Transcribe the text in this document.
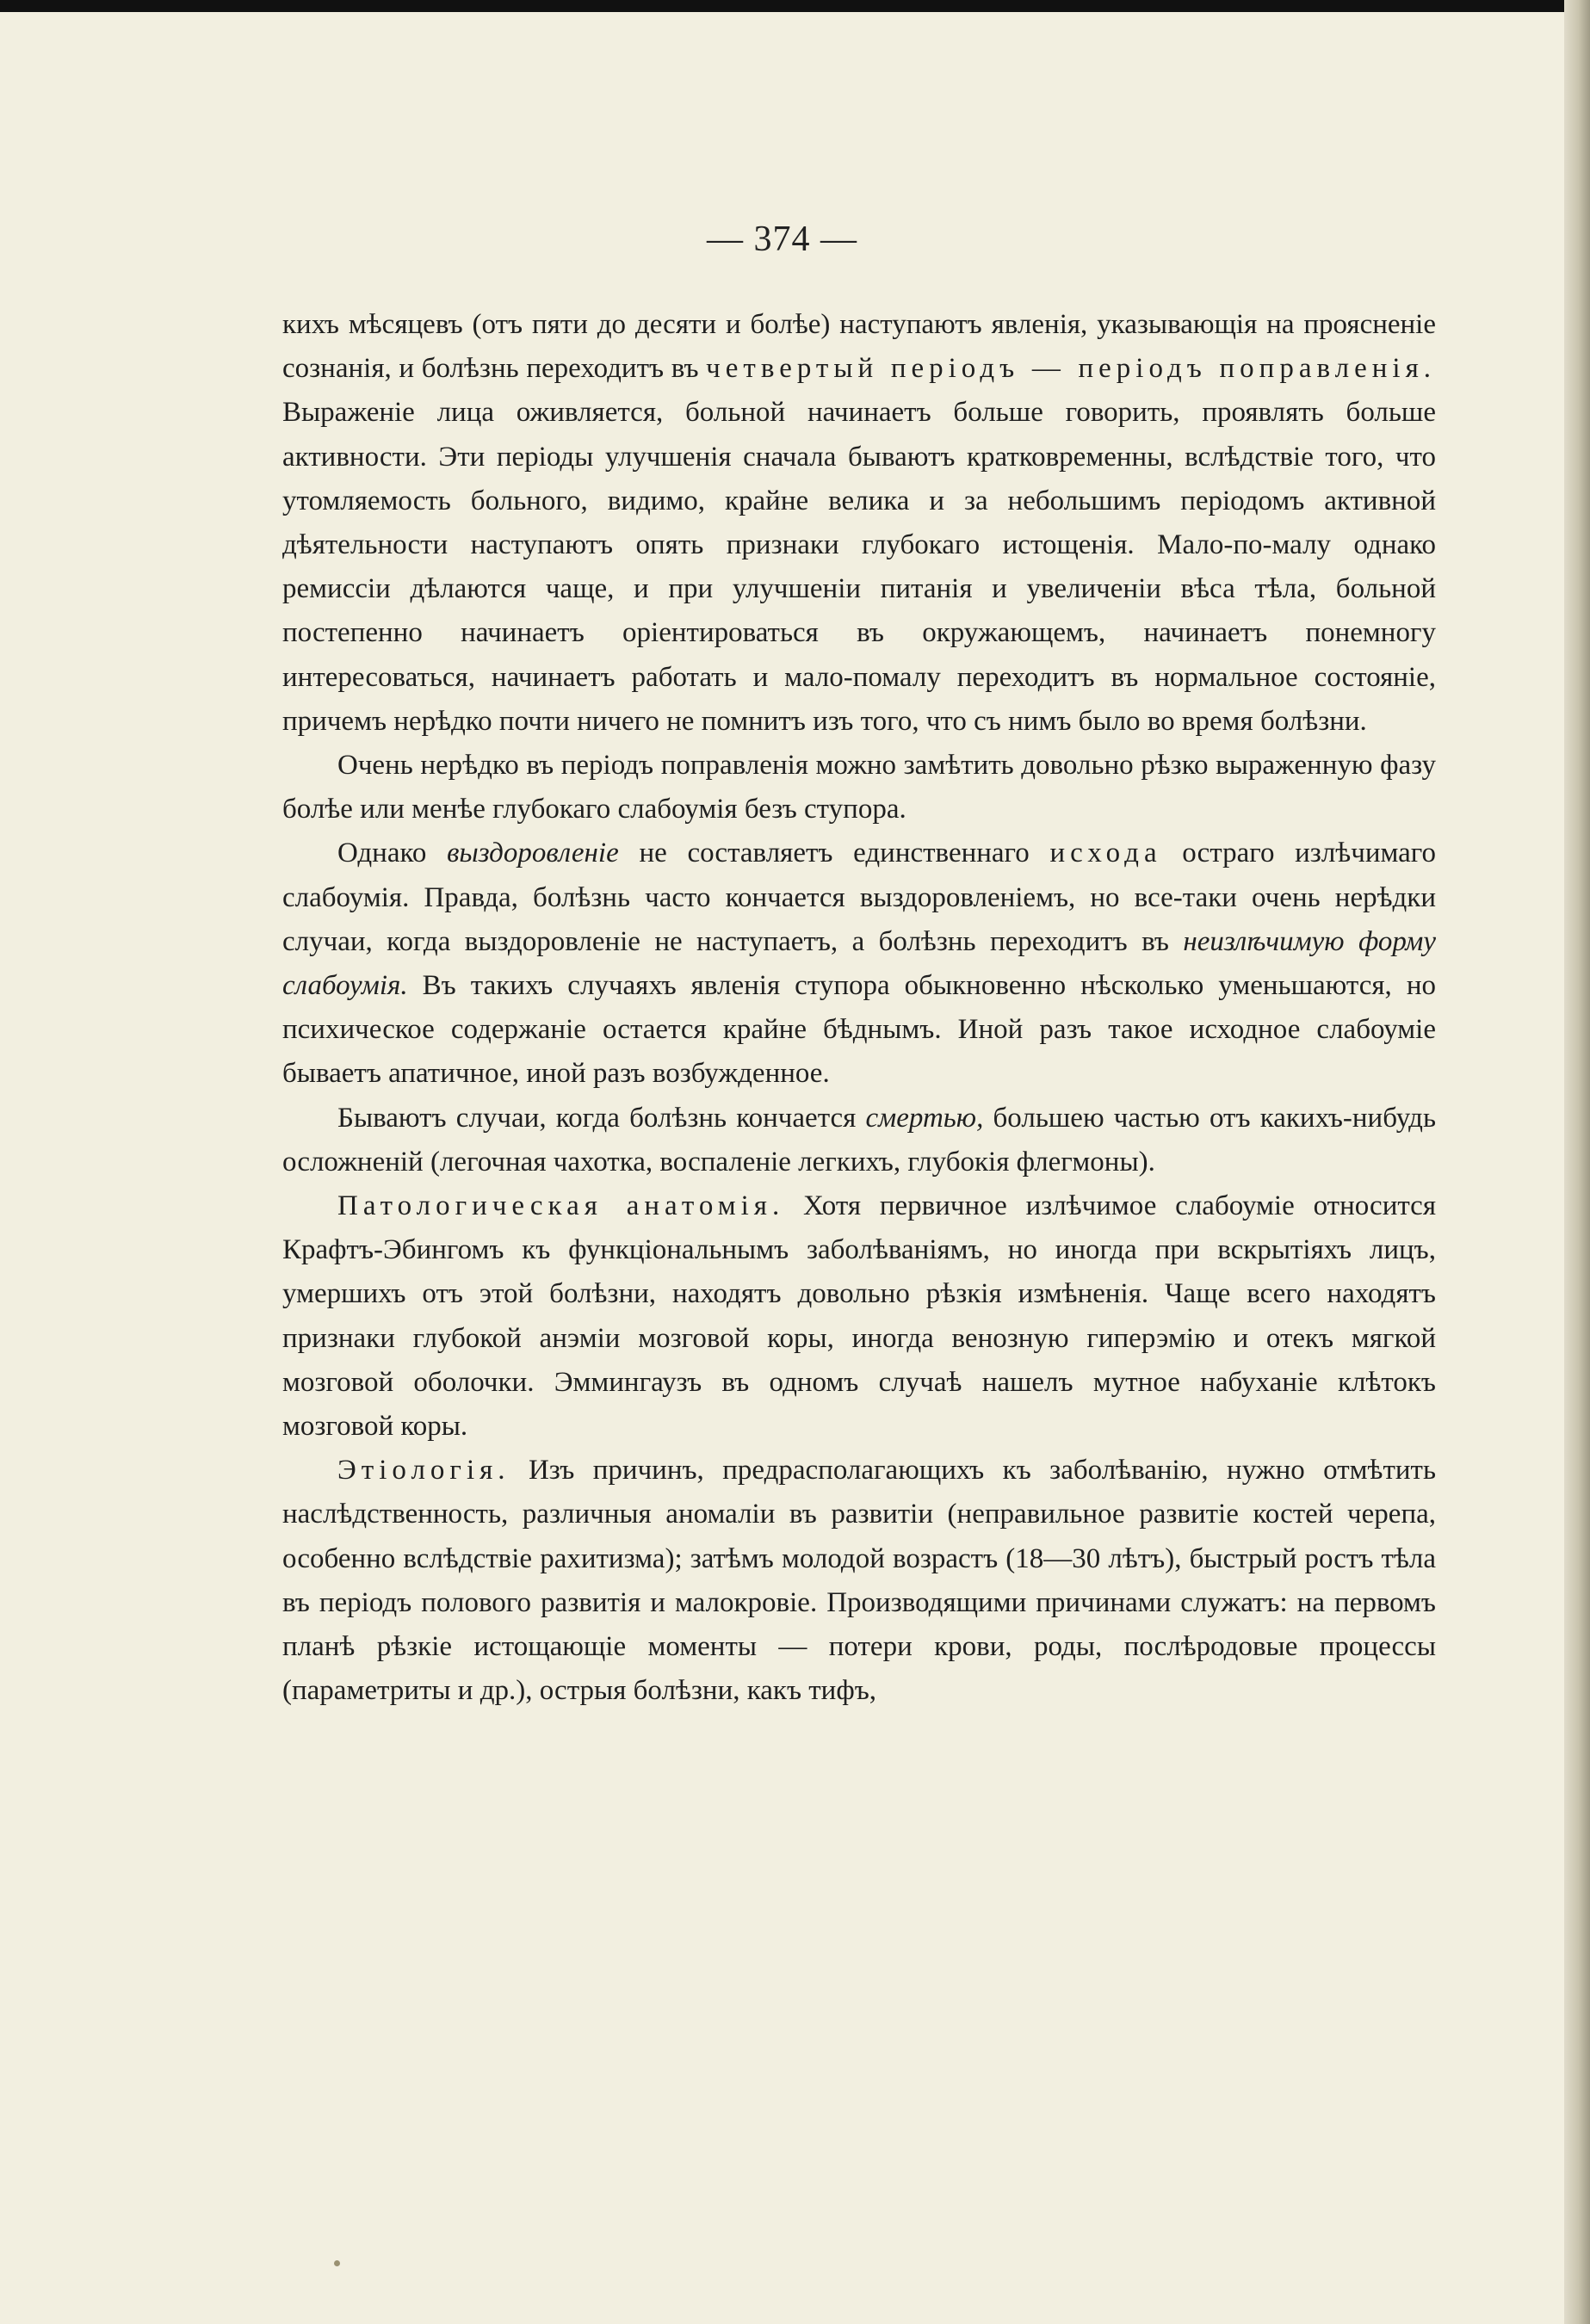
— 374 —

кихъ мѣсяцевъ (отъ пяти до десяти и болѣе) наступаютъ явленія, указывающія на проясненіе сознанія, и болѣзнь переходитъ въ четвертый періодъ — періодъ поправленія. Выраженіе лица оживляется, больной начинаетъ больше говорить, проявлять больше активности. Эти періоды улучшенія сначала бываютъ кратковременны, вслѣдствіе того, что утомляемость больного, видимо, крайне велика и за небольшимъ періодомъ активной дѣятельности наступаютъ опять признаки глубокаго истощенія. Мало-по-малу однако ремиссіи дѣлаются чаще, и при улучшеніи питанія и увеличеніи вѣса тѣла, больной постепенно начинаетъ оріентироваться въ окружающемъ, начинаетъ понемногу интересоваться, начинаетъ работать и мало-помалу переходитъ въ нормальное состояніе, причемъ нерѣдко почти ничего не помнитъ изъ того, что съ нимъ было во время болѣзни.

Очень нерѣдко въ періодъ поправленія можно замѣтить довольно рѣзко выраженную фазу болѣе или менѣе глубокаго слабоумія безъ ступора.

Однако выздоровленіе не составляетъ единственнаго исхода остраго излѣчимаго слабоумія. Правда, болѣзнь часто кончается выздоровленіемъ, но все-таки очень нерѣдки случаи, когда выздоровленіе не наступаетъ, а болѣзнь переходитъ въ неизлѣчимую форму слабоумія. Въ такихъ случаяхъ явленія ступора обыкновенно нѣсколько уменьшаются, но психическое содержаніе остается крайне бѣднымъ. Иной разъ такое исходное слабоуміе бываетъ апатичное, иной разъ возбужденное.

Бываютъ случаи, когда болѣзнь кончается смертью, большею частью отъ какихъ-нибудь осложненій (легочная чахотка, воспаленіе легкихъ, глубокія флегмоны).

Патологическая анатомія. Хотя первичное излѣчимое слабоуміе относится Крафтъ-Эбингомъ къ функціональнымъ заболѣваніямъ, но иногда при вскрытіяхъ лицъ, умершихъ отъ этой болѣзни, находятъ довольно рѣзкія измѣненія. Чаще всего находятъ признаки глубокой анэміи мозговой коры, иногда венозную гиперэмію и отекъ мягкой мозговой оболочки. Эммингаузъ въ одномъ случаѣ нашелъ мутное набуханіе клѣтокъ мозговой коры.

Этіологія. Изъ причинъ, предрасполагающихъ къ заболѣванію, нужно отмѣтить наслѣдственность, различныя аномаліи въ развитіи (неправильное развитіе костей черепа, особенно вслѣдствіе рахитизма); затѣмъ молодой возрастъ (18—30 лѣтъ), быстрый ростъ тѣла въ періодъ полового развитія и малокровіе. Производящими причинами служатъ: на первомъ планѣ рѣзкіе истощающіе моменты — потери крови, роды, послѣродовые процессы (параметриты и др.), острыя болѣзни, какъ тифъ,
